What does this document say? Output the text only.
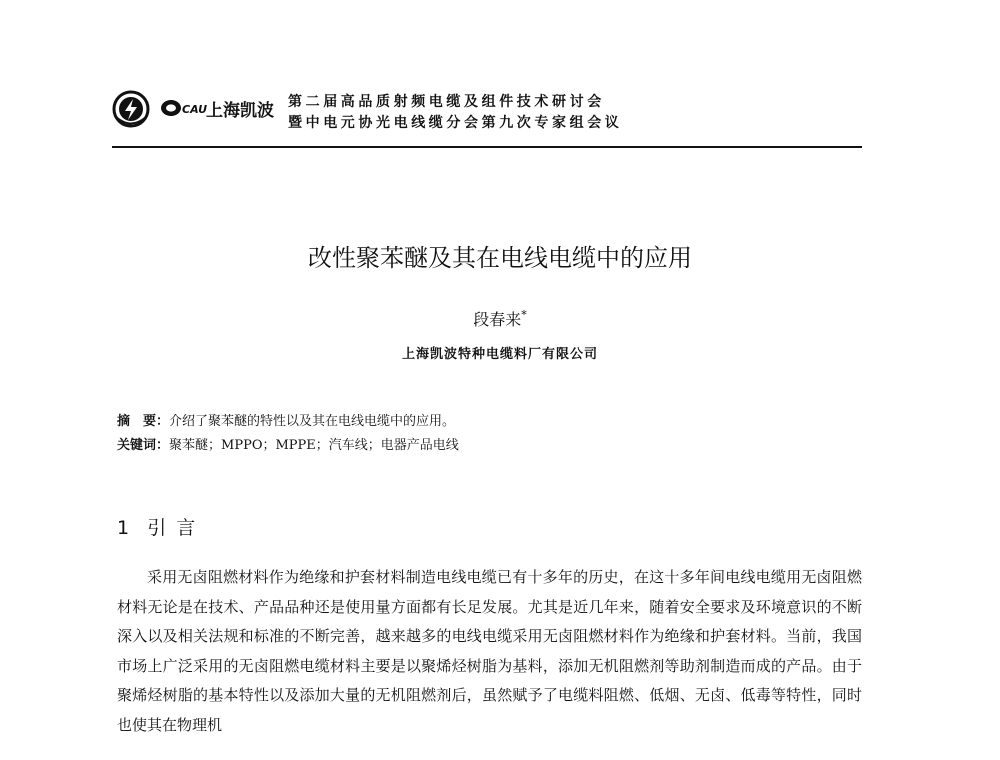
CAU
上海凯波 第二届高品质射频电缆及组件技术研讨会
暨中电元协光电线缆分会第九次专家组会议
改性聚苯醚及其在电线电缆中的应用
段春来*
上海凯波特种电缆料厂有限公司
摘　要：介绍了聚苯醚的特性以及其在电线电缆中的应用。
关键词：聚苯醚；MPPO；MPPE；汽车线；电器产品电线
1 引 言

采用无卤阻燃材料作为绝缘和护套材料制造电线电缆已有十多年的历史，在这十多年间电线电缆用无卤阻燃材料无论是在技术、产品品种还是使用量方面都有长足发展。尤其是近几年来，随着安全要求及环境意识的不断深入以及相关法规和标准的不断完善，越来越多的电线电缆采用无卤阻燃材料作为绝缘和护套材料。当前，我国市场上广泛采用的无卤阻燃电缆材料主要是以聚烯烃树脂为基料，添加无机阻燃剂等助剂制造而成的产品。由于聚烯烃树脂的基本特性以及添加大量的无机阻燃剂后，虽然赋予了电缆料阻燃、低烟、无卤、低毒等特性，同时也使其在物理机
